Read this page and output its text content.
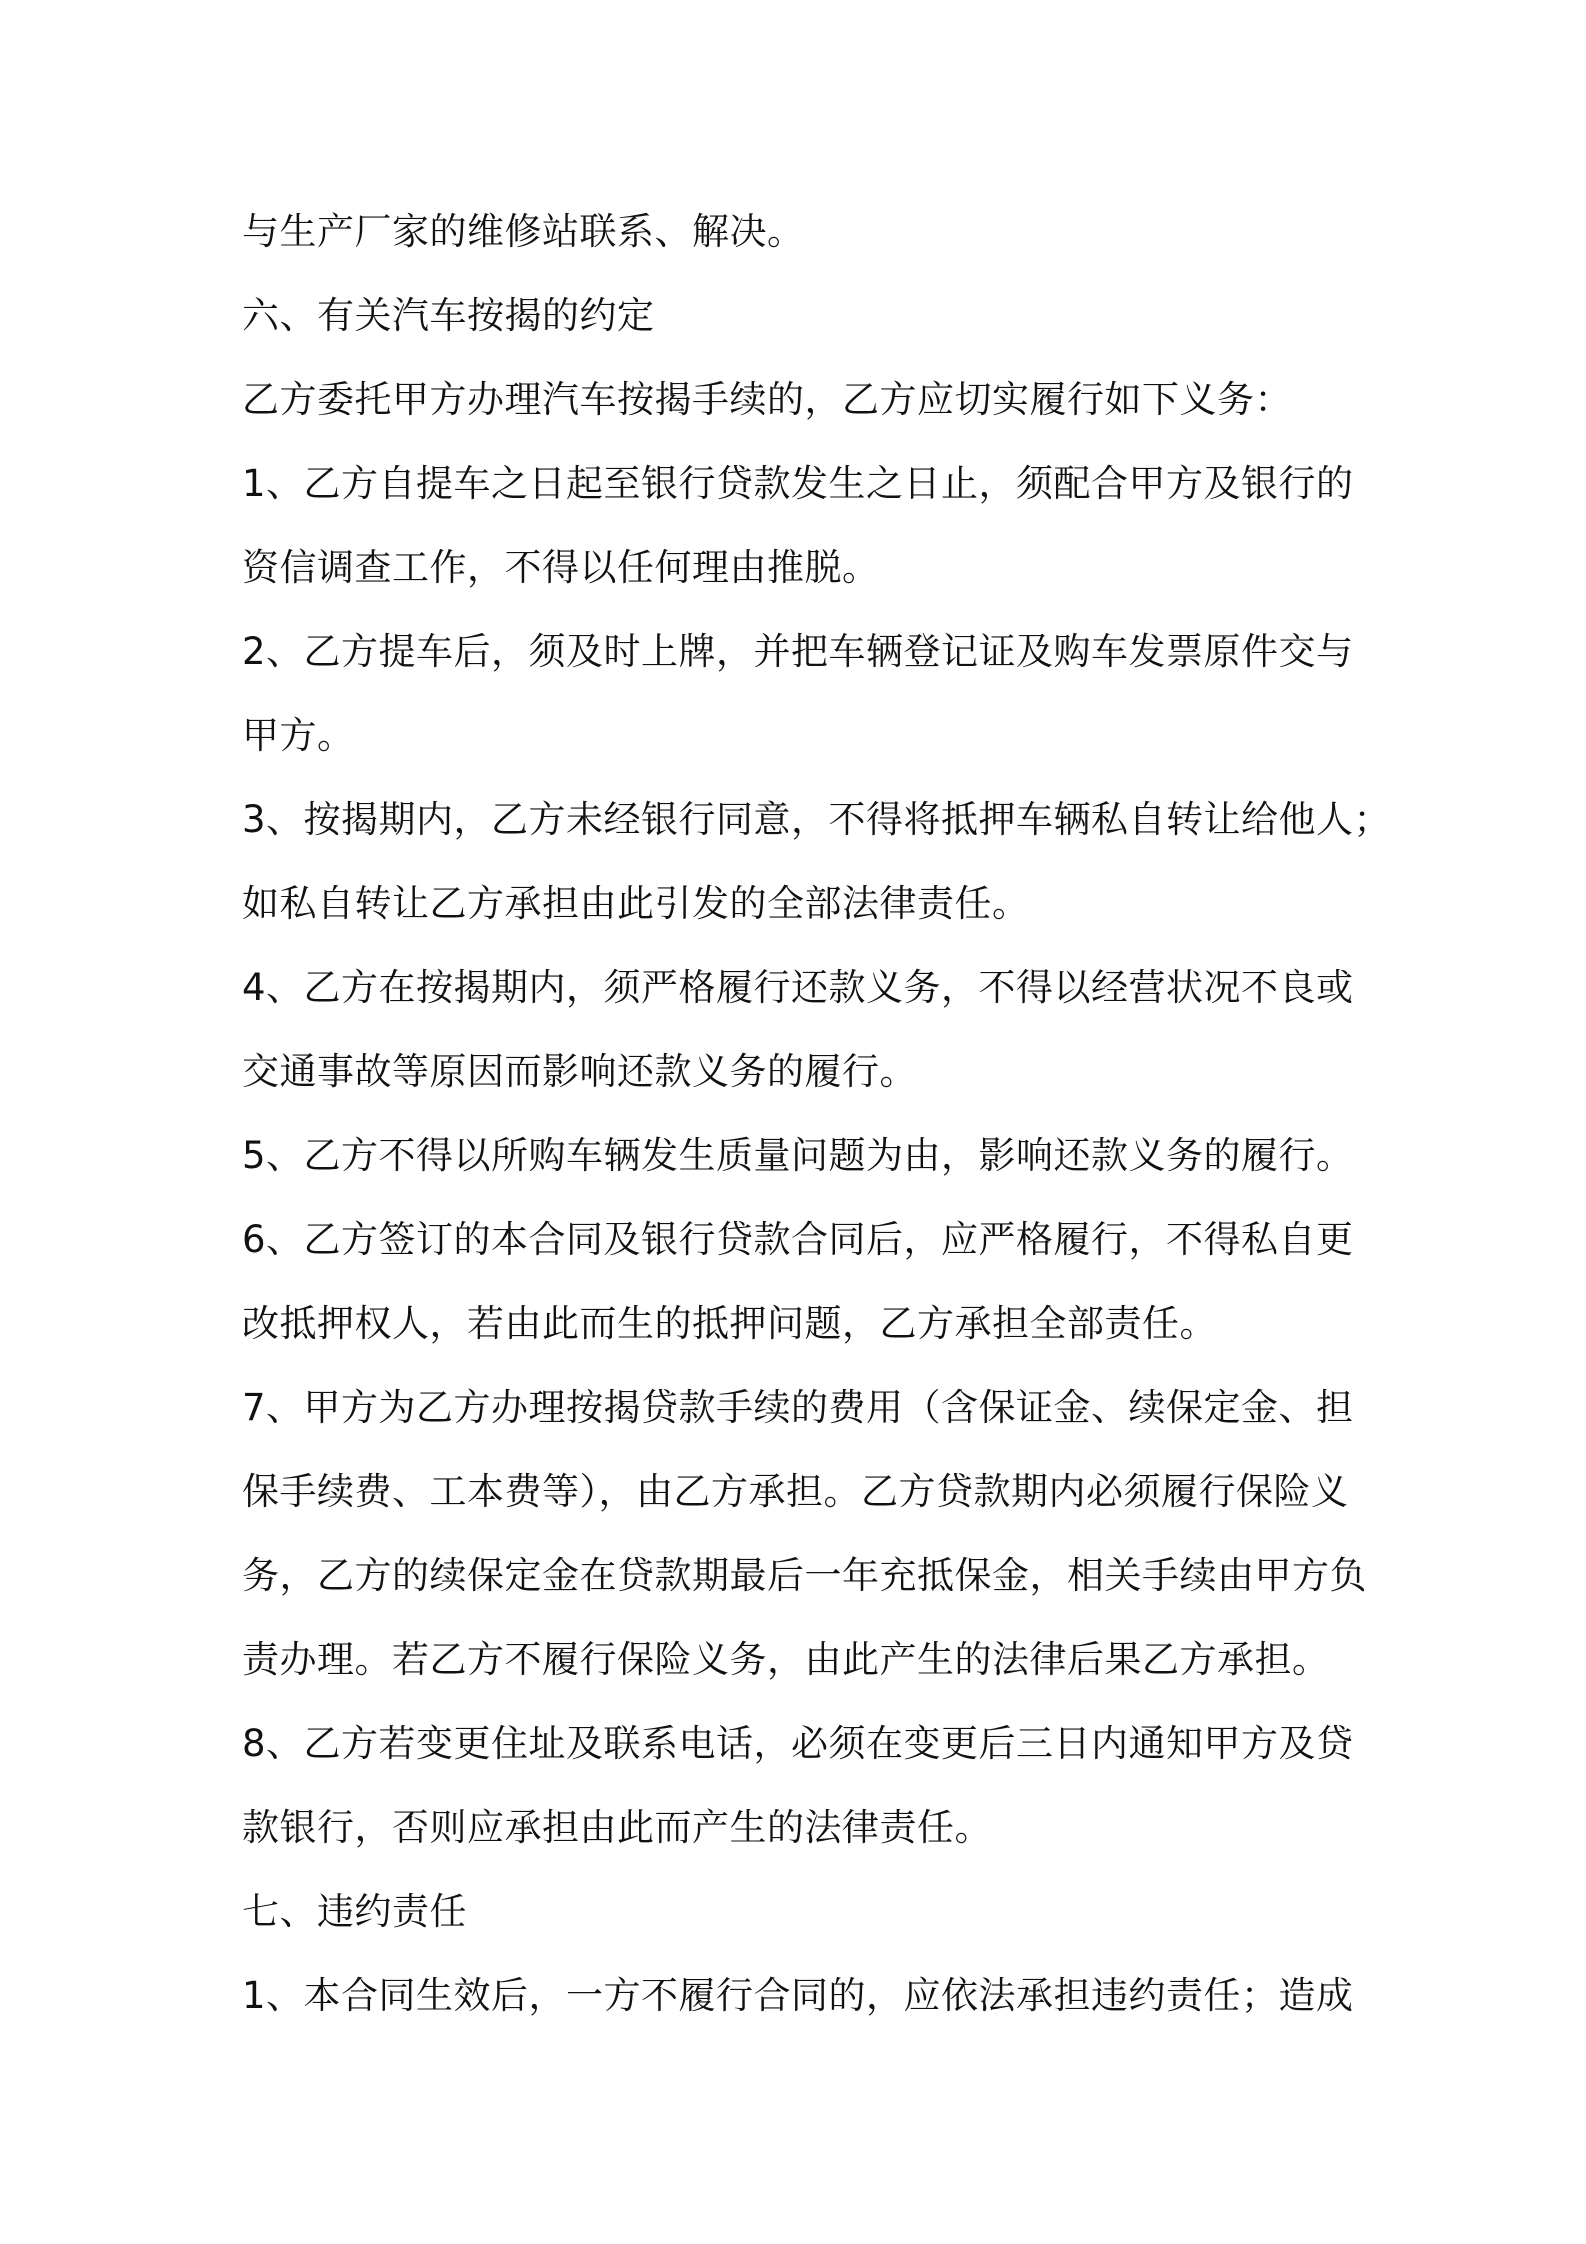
与生产厂家的维修站联系、解决。
六、有关汽车按揭的约定
乙方委托甲方办理汽车按揭手续的，乙方应切实履行如下义务：
1、乙方自提车之日起至银行贷款发生之日止，须配合甲方及银行的
资信调查工作，不得以任何理由推脱。
2、乙方提车后，须及时上牌，并把车辆登记证及购车发票原件交与
甲方。
3、按揭期内，乙方未经银行同意，不得将抵押车辆私自转让给他人；
如私自转让乙方承担由此引发的全部法律责任。
4、乙方在按揭期内，须严格履行还款义务，不得以经营状况不良或
交通事故等原因而影响还款义务的履行。
5、乙方不得以所购车辆发生质量问题为由，影响还款义务的履行。
6、乙方签订的本合同及银行贷款合同后，应严格履行，不得私自更
改抵押权人，若由此而生的抵押问题，乙方承担全部责任。
7、甲方为乙方办理按揭贷款手续的费用（含保证金、续保定金、担
保手续费、工本费等），由乙方承担。乙方贷款期内必须履行保险义
务，乙方的续保定金在贷款期最后一年充抵保金，相关手续由甲方负
责办理。若乙方不履行保险义务，由此产生的法律后果乙方承担。
8、乙方若变更住址及联系电话，必须在变更后三日内通知甲方及贷
款银行，否则应承担由此而产生的法律责任。
七、违约责任
1、本合同生效后，一方不履行合同的，应依法承担违约责任；造成
